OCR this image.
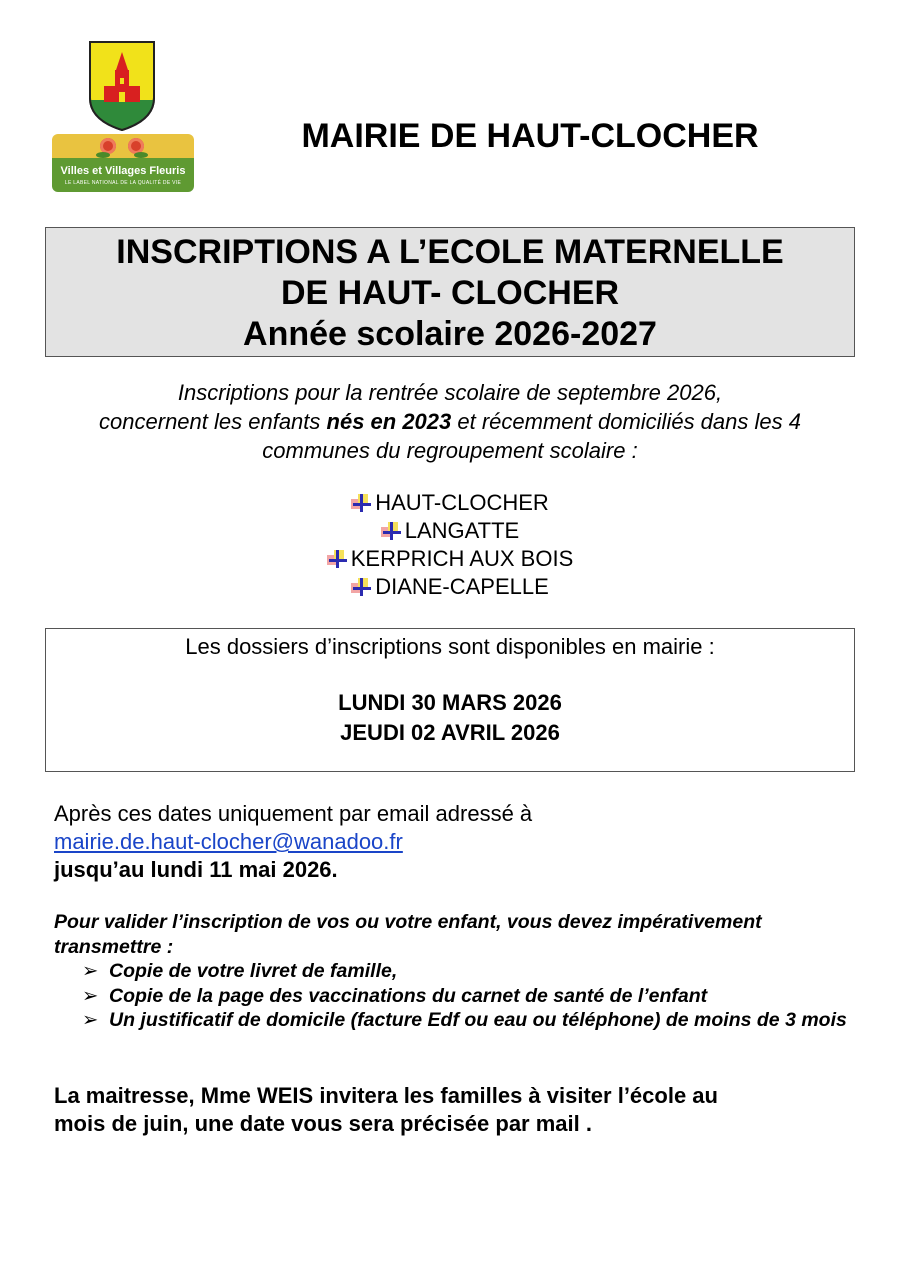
Villes et Villages Fleuris
LE LABEL NATIONAL DE LA QUALITÉ DE VIE
MAIRIE DE HAUT-CLOCHER
INSCRIPTIONS A L’ECOLE MATERNELLE
DE HAUT- CLOCHER
Année scolaire 2026-2027
Inscriptions pour la rentrée scolaire de septembre 2026,
concernent les enfants nés en 2023 et récemment domiciliés dans les 4
communes du regroupement scolaire :
HAUT-CLOCHER
LANGATTE
KERPRICH AUX BOIS
DIANE-CAPELLE
Les dossiers d’inscriptions sont disponibles en mairie :
LUNDI 30 MARS 2026
JEUDI 02 AVRIL 2026
Après ces dates uniquement par email adressé à
mairie.de.haut-clocher@wanadoo.fr
jusqu’au lundi 11 mai 2026.
Pour valider l’inscription de vos ou votre enfant, vous devez impérativement
transmettre :
➢ Copie de votre livret de famille,
➢ Copie de la page des vaccinations du carnet de santé de l’enfant
➢ Un justificatif de domicile (facture Edf ou eau ou téléphone) de moins de 3 mois
La maitresse, Mme WEIS invitera les familles à visiter l’école au
mois de juin, une date vous sera précisée par mail .
